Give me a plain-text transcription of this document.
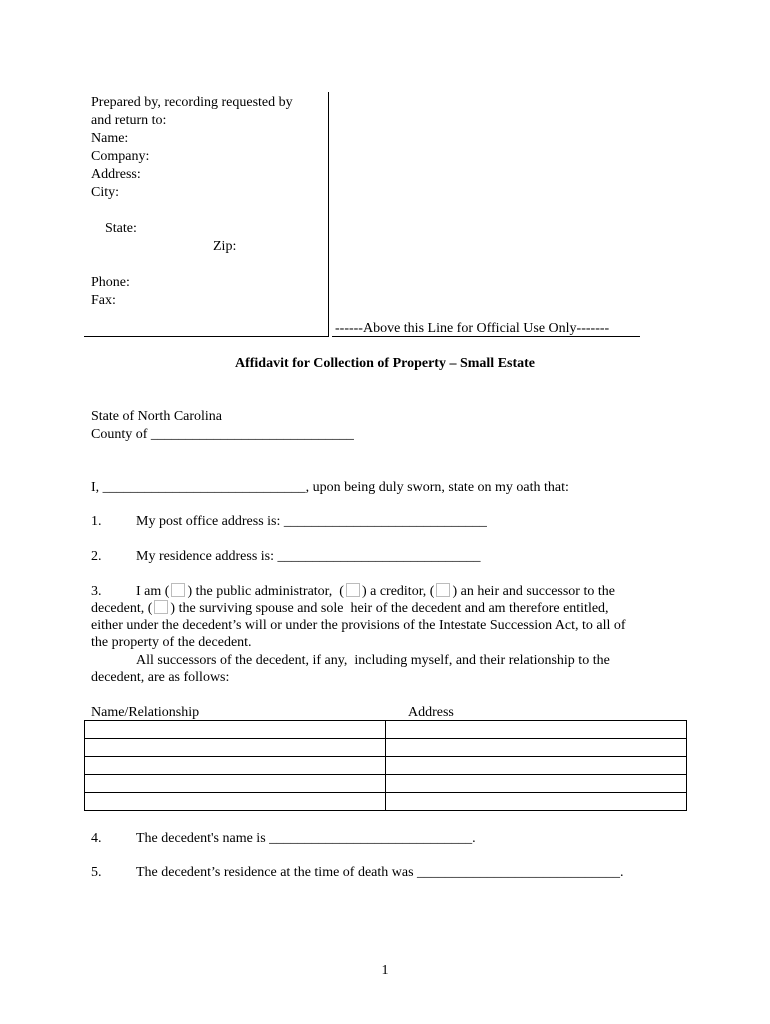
Prepared by, recording requested by
and return to:
Name:
Company:
Address:
City:

State:

Zip:

Phone:
Fax:
------Above this Line for Official Use Only-------
Affidavit for Collection of Property – Small Estate
State of North Carolina
County of _____________________________
I, _____________________________, upon being duly sworn, state on my oath that:
1. My post office address is: _____________________________
2. My residence address is: _____________________________
3. I am ( ) the public administrator,  ( ) a creditor, ( ) an heir and successor to the
decedent, ( ) the surviving spouse and sole  heir of the decedent and am therefore entitled,
either under the decedent’s will or under the provisions of the Intestate Succession Act, to all of
the property of the decedent.
All successors of the decedent, if any,  including myself, and their relationship to the
decedent, are as follows:
Name/Relationship	Address

4. The decedent's name is _____________________________.
5. The decedent’s residence at the time of death was _____________________________.
1
